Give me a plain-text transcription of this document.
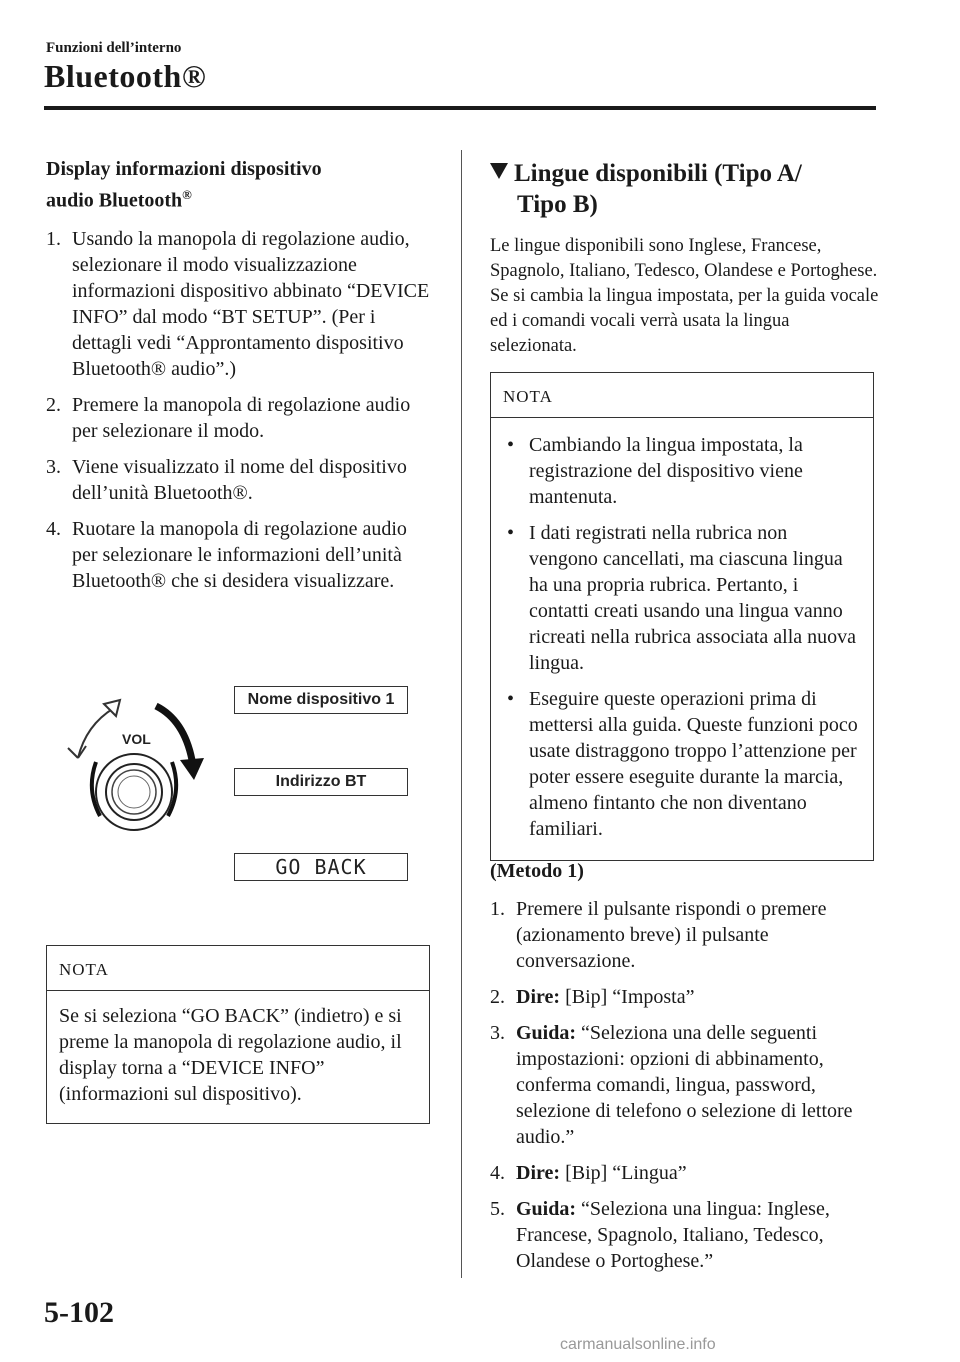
Funzioni dell’interno
Bluetooth®
Display informazioni dispositivo
audio Bluetooth®
1. Usando la manopola di regolazione audio, selezionare il modo visualizzazione informazioni dispositivo abbinato “DEVICE INFO” dal modo “BT SETUP”. (Per i dettagli vedi “Approntamento dispositivo Bluetooth® audio”.)
2. Premere la manopola di regolazione audio per selezionare il modo.
3. Viene visualizzato il nome del dispositivo dell’unità Bluetooth®.
4. Ruotare la manopola di regolazione audio per selezionare le informazioni dell’unità Bluetooth® che si desidera visualizzare.
VOL
Nome dispositivo 1
Indirizzo BT
GO BACK
NOTA
Se si seleziona “GO BACK” (indietro) e si preme la manopola di regolazione audio, il display torna a “DEVICE INFO” (informazioni sul dispositivo).
Lingue disponibili (Tipo A/
Tipo B)
Le lingue disponibili sono Inglese, Francese, Spagnolo, Italiano, Tedesco, Olandese e Portoghese. Se si cambia la lingua impostata, per la guida vocale ed i comandi vocali verrà usata la lingua selezionata.
NOTA
• Cambiando la lingua impostata, la registrazione del dispositivo viene mantenuta.
• I dati registrati nella rubrica non vengono cancellati, ma ciascuna lingua ha una propria rubrica. Pertanto, i contatti creati usando una lingua vanno ricreati nella rubrica associata alla nuova lingua.
• Eseguire queste operazioni prima di mettersi alla guida. Queste funzioni poco usate distraggono troppo l’attenzione per poter essere eseguite durante la marcia, almeno fintanto che non diventano familiari.
(Metodo 1)
1. Premere il pulsante rispondi o premere (azionamento breve) il pulsante conversazione.
2. Dire: [Bip] “Imposta”
3. Guida: “Seleziona una delle seguenti impostazioni: opzioni di abbinamento, conferma comandi, lingua, password, selezione di telefono o selezione di lettore audio.”
4. Dire: [Bip] “Lingua”
5. Guida: “Seleziona una lingua: Inglese, Francese, Spagnolo, Italiano, Tedesco, Olandese o Portoghese.”
5-102
carmanualsonline.info
